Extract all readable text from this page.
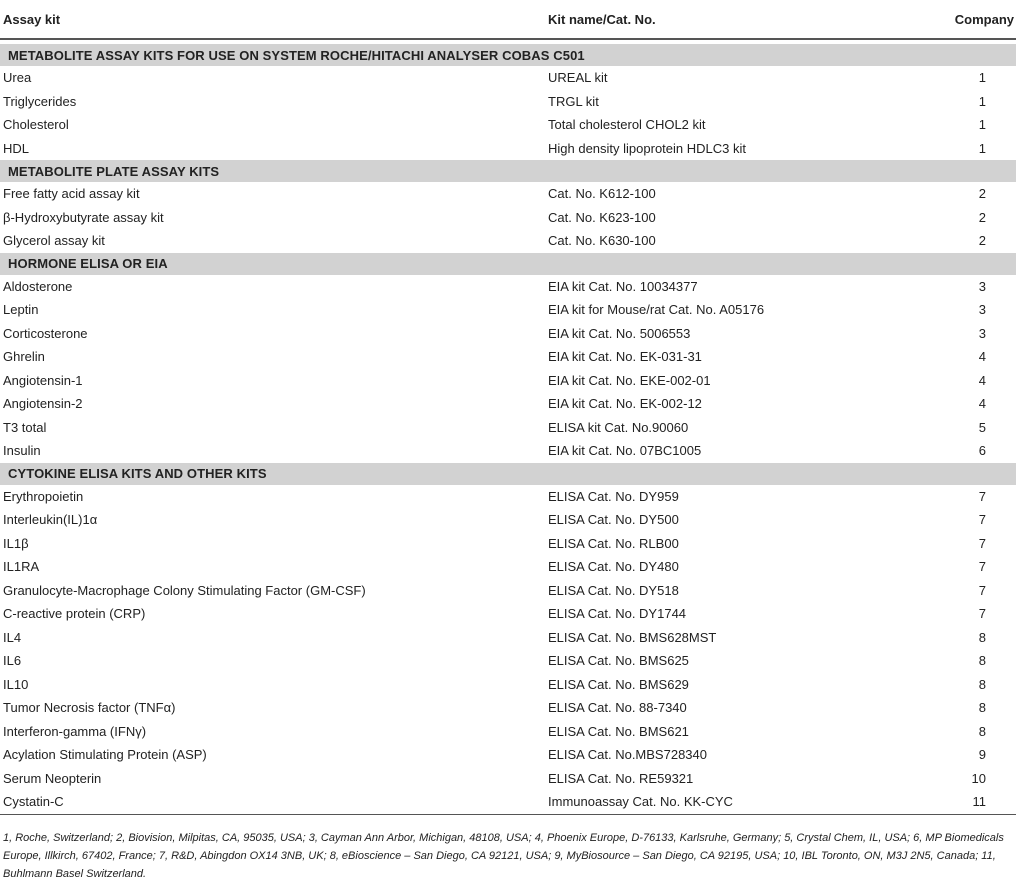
Assay kit	Kit name/Cat. No.	Company

METABOLITE ASSAY KITS FOR USE ON SYSTEM ROCHE/HITACHI ANALYSER COBAS C501		
Urea	UREAL kit	1
Triglycerides	TRGL kit	1
Cholesterol	Total cholesterol CHOL2 kit	1
HDL	High density lipoprotein HDLC3 kit	1
METABOLITE PLATE ASSAY KITS		
Free fatty acid assay kit	Cat. No. K612-100	2
β-Hydroxybutyrate assay kit	Cat. No. K623-100	2
Glycerol assay kit	Cat. No. K630-100	2
HORMONE ELISA OR EIA		
Aldosterone	EIA kit Cat. No. 10034377	3
Leptin	EIA kit for Mouse/rat Cat. No. A05176	3
Corticosterone	EIA kit Cat. No. 5006553	3
Ghrelin	EIA kit Cat. No. EK-031-31	4
Angiotensin-1	EIA kit Cat. No. EKE-002-01	4
Angiotensin-2	EIA kit Cat. No. EK-002-12	4
T3 total	ELISA kit Cat. No.90060	5
Insulin	EIA kit Cat. No. 07BC1005	6
CYTOKINE ELISA KITS AND OTHER KITS		
Erythropoietin	ELISA Cat. No. DY959	7
Interleukin(IL)1α	ELISA Cat. No. DY500	7
IL1β	ELISA Cat. No. RLB00	7
IL1RA	ELISA Cat. No. DY480	7
Granulocyte-Macrophage Colony Stimulating Factor (GM-CSF)	ELISA Cat. No. DY518	7
C-reactive protein (CRP)	ELISA Cat. No. DY1744	7
IL4	ELISA Cat. No. BMS628MST	8
IL6	ELISA Cat. No. BMS625	8
IL10	ELISA Cat. No. BMS629	8
Tumor Necrosis factor (TNFα)	ELISA Cat. No. 88-7340	8
Interferon-gamma (IFNγ)	ELISA Cat. No. BMS621	8
Acylation Stimulating Protein (ASP)	ELISA Cat. No.MBS728340	9
Serum Neopterin	ELISA Cat. No. RE59321	10
Cystatin-C	Immunoassay Cat. No. KK-CYC	11
1, Roche, Switzerland; 2, Biovision, Milpitas, CA, 95035, USA; 3, Cayman Ann Arbor, Michigan, 48108, USA; 4, Phoenix Europe, D-76133, Karlsruhe, Germany; 5, Crystal Chem, IL, USA; 6, MP Biomedicals Europe, Illkirch, 67402, France; 7, R&D, Abingdon OX14 3NB, UK; 8, eBioscience – San Diego, CA 92121, USA; 9, MyBiosource – San Diego, CA 92195, USA; 10, IBL Toronto, ON, M3J 2N5, Canada; 11, Buhlmann Basel Switzerland.
